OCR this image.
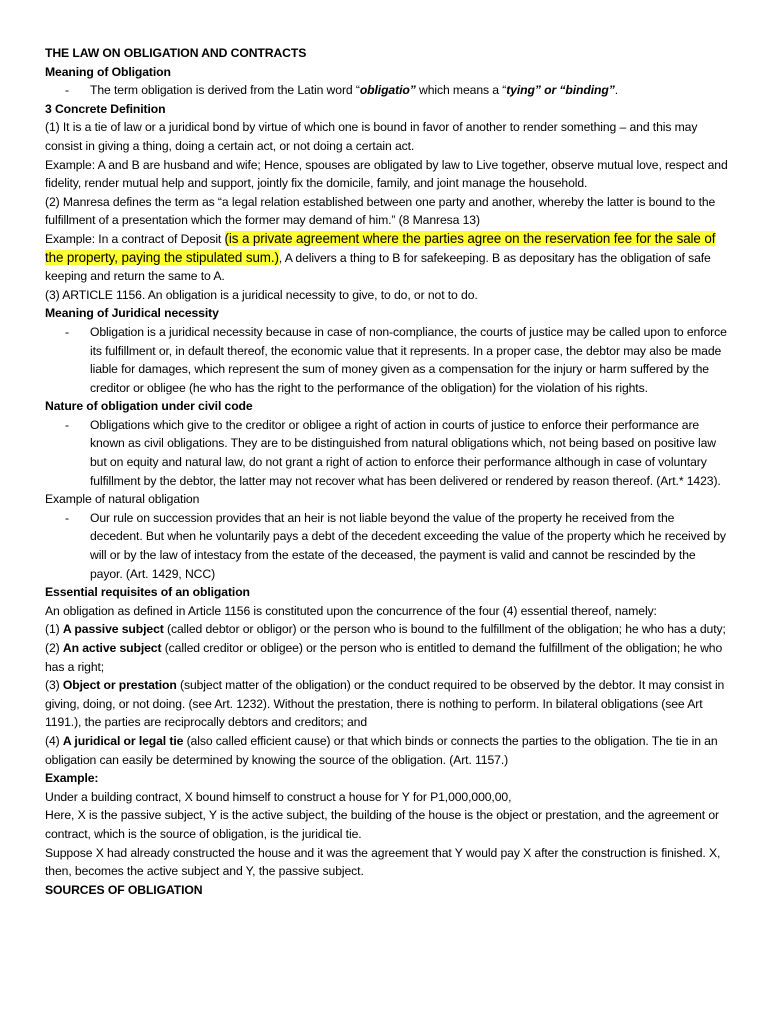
THE LAW ON OBLIGATION AND CONTRACTS

Meaning of Obligation

-	The term obligation is derived from the Latin word “obligatio” which means a “tying” or “binding”.

3 Concrete Definition

(1) It is a tie of law or a juridical bond by virtue of which one is bound in favor of another to render something – and this may consist in giving a thing, doing a certain act, or not doing a certain act.

Example: A and B are husband and wife; Hence, spouses are obligated by law to Live together, observe mutual love, respect and fidelity, render mutual help and support, jointly fix the domicile, family, and joint manage the household.

(2) Manresa defines the term as “a legal relation established between one party and another, whereby the latter is bound to the fulfillment of a presentation which the former may demand of him.” (8 Manresa 13)

Example: In a contract of Deposit (is a private agreement where the parties agree on the reservation fee for the sale of the property, paying the stipulated sum.), A delivers a thing to B for safekeeping. B as depositary has the obligation of safe keeping and return the same to A.

(3) ARTICLE 1156. An obligation is a juridical necessity to give, to do, or not to do.

Meaning of Juridical necessity

-	Obligation is a juridical necessity because in case of non-compliance, the courts of justice may be called upon to enforce its fulfillment or, in default thereof, the economic value that it represents. In a proper case, the debtor may also be made liable for damages, which represent the sum of money given as a compensation for the injury or harm suffered by the creditor or obligee (he who has the right to the performance of the obligation) for the violation of his rights.

Nature of obligation under civil code

-	Obligations which give to the creditor or obligee a right of action in courts of justice to enforce their performance are known as civil obligations. They are to be distinguished from natural obligations which, not being based on positive law but on equity and natural law, do not grant a right of action to enforce their performance although in case of voluntary fulfillment by the debtor, the latter may not recover what has been delivered or rendered by reason thereof. (Art.* 1423).

Example of natural obligation

-	Our rule on succession provides that an heir is not liable beyond the value of the property he received from the decedent. But when he voluntarily pays a debt of the decedent exceeding the value of the property which he received by will or by the law of intestacy from the estate of the deceased, the payment is valid and cannot be rescinded by the payor. (Art. 1429, NCC)

Essential requisites of an obligation

An obligation as defined in Article 1156 is constituted upon the concurrence of the four (4) essential thereof, namely:

(1) A passive subject (called debtor or obligor) or the person who is bound to the fulfillment of the obligation; he who has a duty;

(2) An active subject (called creditor or obligee) or the person who is entitled to demand the fulfillment of the obligation; he who has a right;

(3) Object or prestation (subject matter of the obligation) or the conduct required to be observed by the debtor. It may consist in giving, doing, or not doing. (see Art. 1232). Without the prestation, there is nothing to perform. In bilateral obligations (see Art 1191.), the parties are reciprocally debtors and creditors; and

(4) A juridical or legal tie (also called efficient cause) or that which binds or connects the parties to the obligation. The tie in an obligation can easily be determined by knowing the source of the obligation. (Art. 1157.)

Example:

Under a building contract, X bound himself to construct a house for Y for P1,000,000,00,

Here, X is the passive subject, Y is the active subject, the building of the house is the object or prestation, and the agreement or contract, which is the source of obligation, is the juridical tie.

Suppose X had already constructed the house and it was the agreement that Y would pay X after the construction is finished. X, then, becomes the active subject and Y, the passive subject.

SOURCES OF OBLIGATION
